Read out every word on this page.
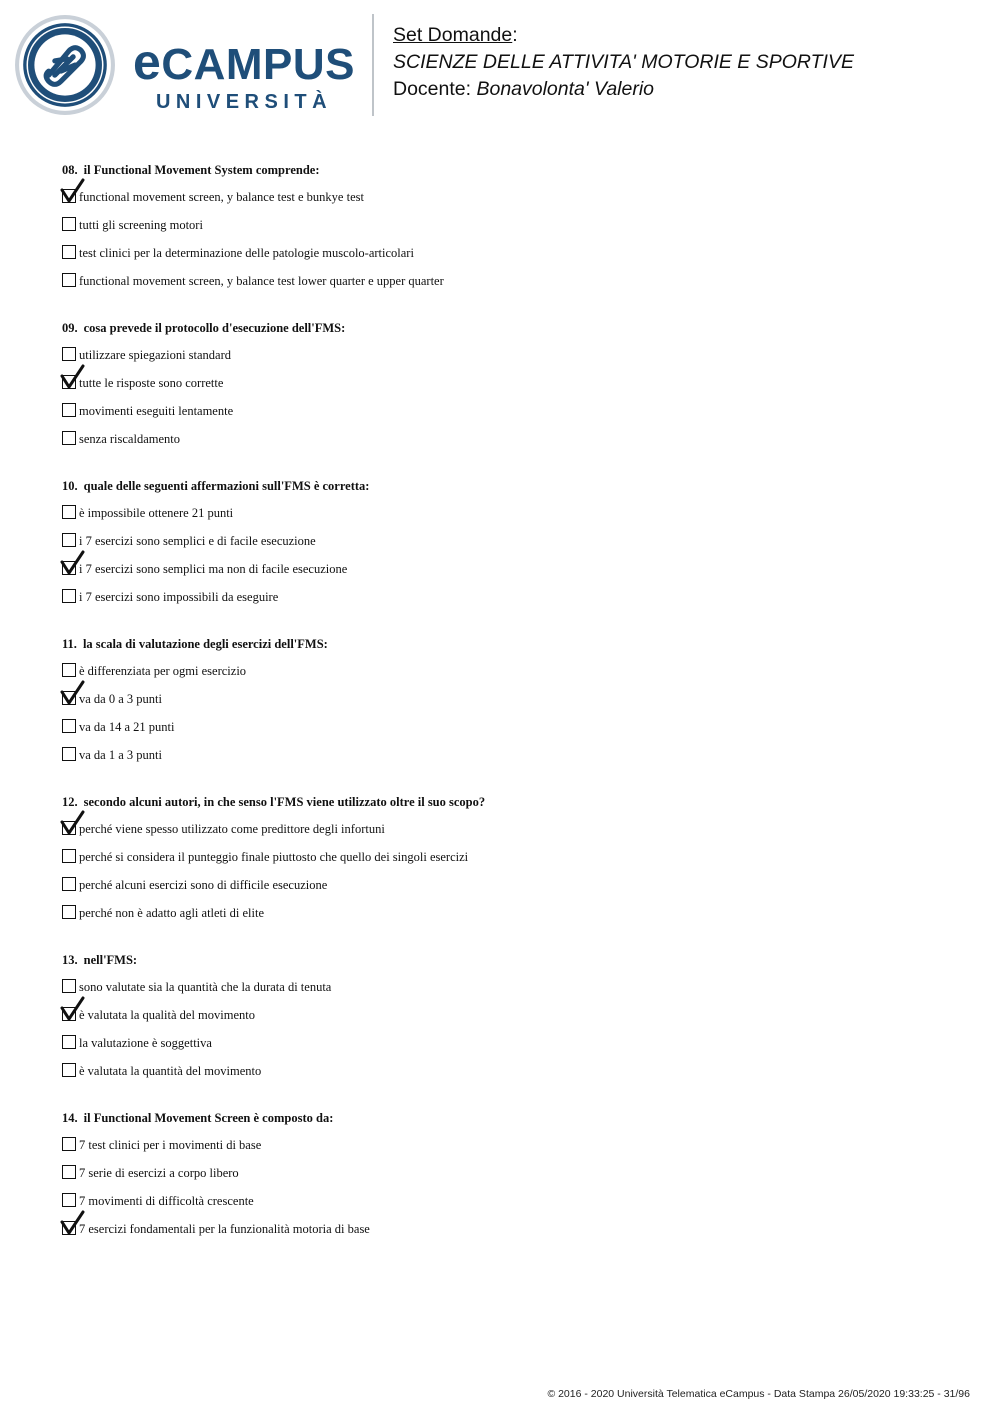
eCAMPUS
UNIVERSITÀ
Set Domande:
SCIENZE DELLE ATTIVITA' MOTORIE E SPORTIVE
Docente: Bonavolonta' Valerio
08. il Functional Movement System comprende:
functional movement screen, y balance test e bunkye test
tutti gli screening motori
test clinici per la determinazione delle patologie muscolo-articolari
functional movement screen, y balance test lower quarter e upper quarter
09. cosa prevede il protocollo d'esecuzione dell'FMS:
utilizzare spiegazioni standard
tutte le risposte sono corrette
movimenti eseguiti lentamente
senza riscaldamento
10. quale delle seguenti affermazioni sull'FMS è corretta:
è impossibile ottenere 21 punti
i 7 esercizi sono semplici e di facile esecuzione
i 7 esercizi sono semplici ma non di facile esecuzione
i 7 esercizi sono impossibili da eseguire
11. la scala di valutazione degli esercizi dell'FMS:
è differenziata per ogmi esercizio
va da 0 a 3 punti
va da 14 a 21 punti
va da 1 a 3 punti
12. secondo alcuni autori, in che senso l'FMS viene utilizzato oltre il suo scopo?
perché viene spesso utilizzato come predittore degli infortuni
perché si considera il punteggio finale piuttosto che quello dei singoli esercizi
perché alcuni esercizi sono di difficile esecuzione
perché non è adatto agli atleti di elite
13. nell'FMS:
sono valutate sia la quantità che la durata di tenuta
è valutata la qualità del movimento
la valutazione è soggettiva
è valutata la quantità del movimento
14. il Functional Movement Screen è composto da:
7 test clinici per i movimenti di base
7 serie di esercizi a corpo libero
7 movimenti di difficoltà crescente
7 esercizi fondamentali per la funzionalità motoria di base
© 2016 - 2020 Università Telematica eCampus - Data Stampa 26/05/2020 19:33:25 - 31/96
